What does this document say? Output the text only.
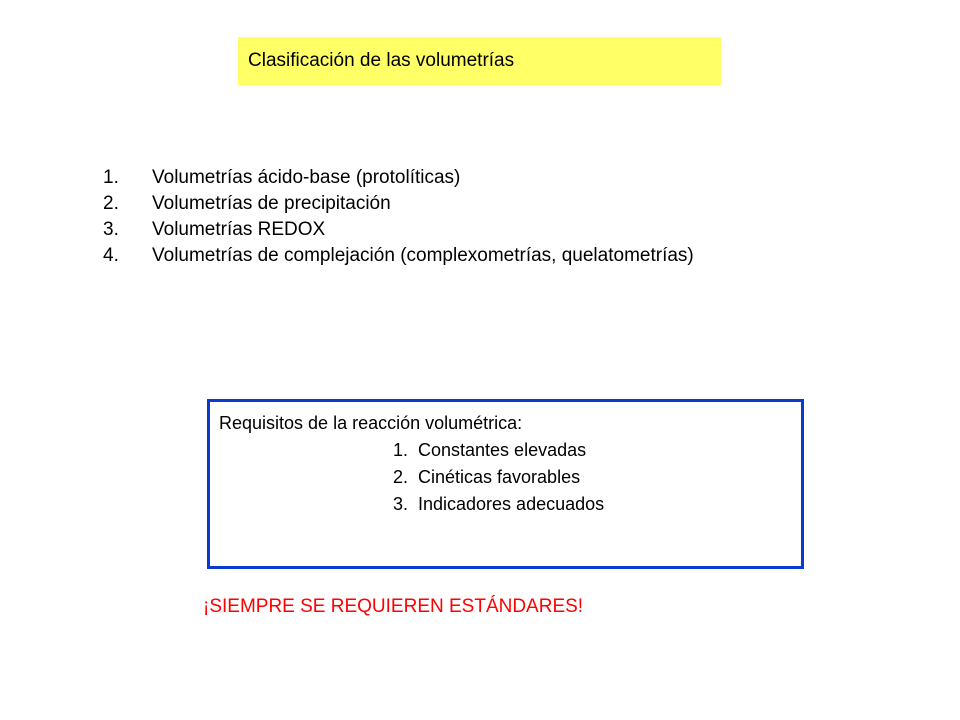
Clasificación de las volumetrías
1.	Volumetrías ácido-base (protolíticas)
2.	Volumetrías de precipitación
3.	Volumetrías REDOX
4.	Volumetrías de complejación (complexometrías, quelatometrías)
Requisitos de la reacción volumétrica:
1. Constantes elevadas
2. Cinéticas favorables
3. Indicadores adecuados
¡SIEMPRE SE REQUIEREN ESTÁNDARES!
